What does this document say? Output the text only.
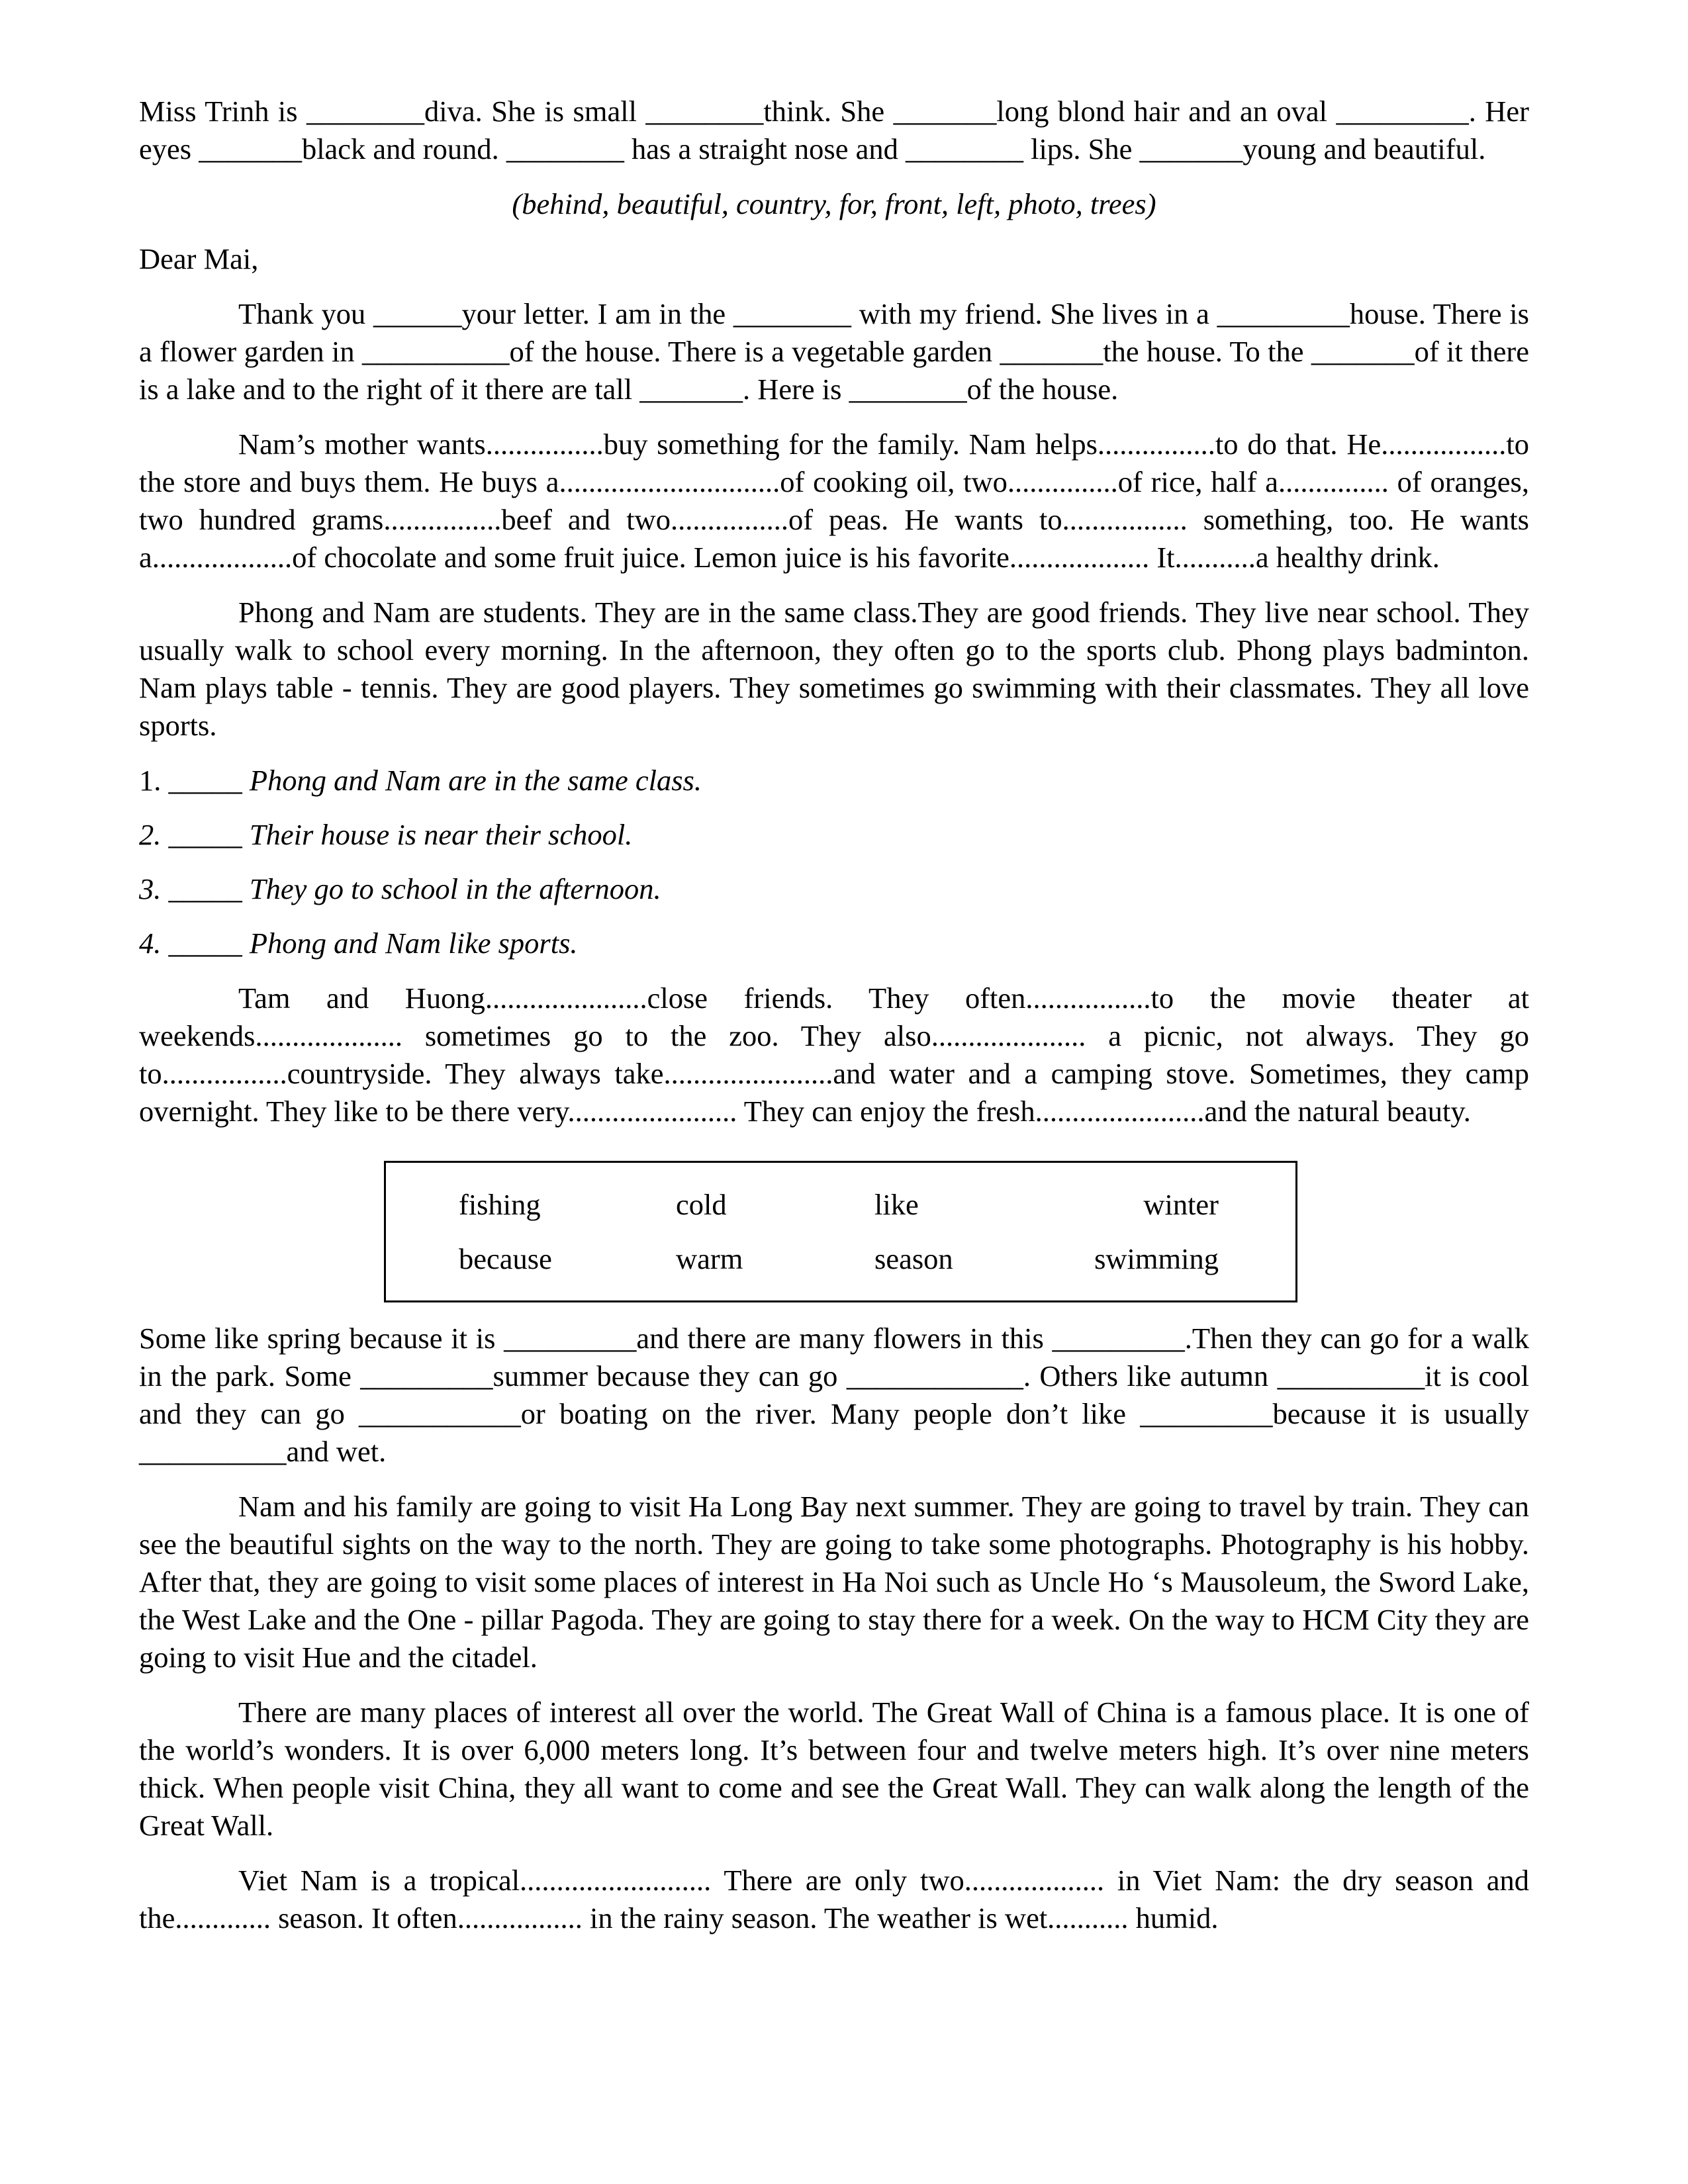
Miss Trinh is ________diva. She is small ________think. She _______long blond hair and an oval _________. Her eyes _______black and round. ________ has a straight nose and ________ lips. She _______young and beautiful.

(behind, beautiful, country, for, front, left, photo, trees)

Dear Mai,

Thank you ______your letter. I am in the ________ with my friend. She lives in a _________house. There is a flower garden in __________of the house. There is a vegetable garden _______the house. To the _______of it there is a lake and to the right of it there are tall _______. Here is ________of the house.

Nam’s mother wants................buy something for the family. Nam helps................to do that. He.................to the store and buys them. He buys a..............................of cooking oil, two...............of rice, half a............... of oranges, two hundred grams................beef and two................of peas. He wants to................. something, too. He wants a...................of chocolate and some fruit juice. Lemon juice is his favorite................... It...........a healthy drink.

Phong and Nam are students. They are in the same class.They are good friends. They live near school. They usually walk to school every morning. In the afternoon, they often go to the sports club. Phong plays badminton. Nam plays table - tennis. They are good players. They sometimes go swimming with their classmates. They all love sports.

1. _____ Phong and Nam are in the same class.

2. _____ Their house is near their school.

3. _____ They go to school in the afternoon.

4. _____ Phong and Nam like sports.

Tam and Huong......................close friends. They often.................to the movie theater at weekends.................... sometimes go to the zoo. They also..................... a picnic, not always. They go to.................countryside. They always take.......................and water and a camping stove. Sometimes, they camp overnight. They like to be there very....................... They can enjoy the fresh.......................and the natural beauty.

fishing	cold	like	winter
because	warm	season	swimming

Some like spring because it is _________and there are many flowers in this _________.Then they can go for a walk in the park. Some _________summer because they can go ____________. Others like autumn __________it is cool and they can go ___________or boating on the river. Many people don’t like _________because it is usually __________and wet.

Nam and his family are going to visit Ha Long Bay next summer. They are going to travel by train. They can see the beautiful sights on the way to the north. They are going to take some photographs. Photography is his hobby. After that, they are going to visit some places of interest in Ha Noi such as Uncle Ho ‘s Mausoleum, the Sword Lake, the West Lake and the One - pillar Pagoda. They are going to stay there for a week. On the way to HCM City they are going to visit Hue and the citadel.

There are many places of interest all over the world. The Great Wall of China is a famous place. It is one of the world’s wonders. It is over 6,000 meters long. It’s between four and twelve meters high. It’s over nine meters thick. When people visit China, they all want to come and see the Great Wall. They can walk along the length of the Great Wall.

Viet Nam is a tropical.......................... There are only two................... in Viet Nam: the dry season and the............. season. It often................. in the rainy season. The weather is wet........... humid.
